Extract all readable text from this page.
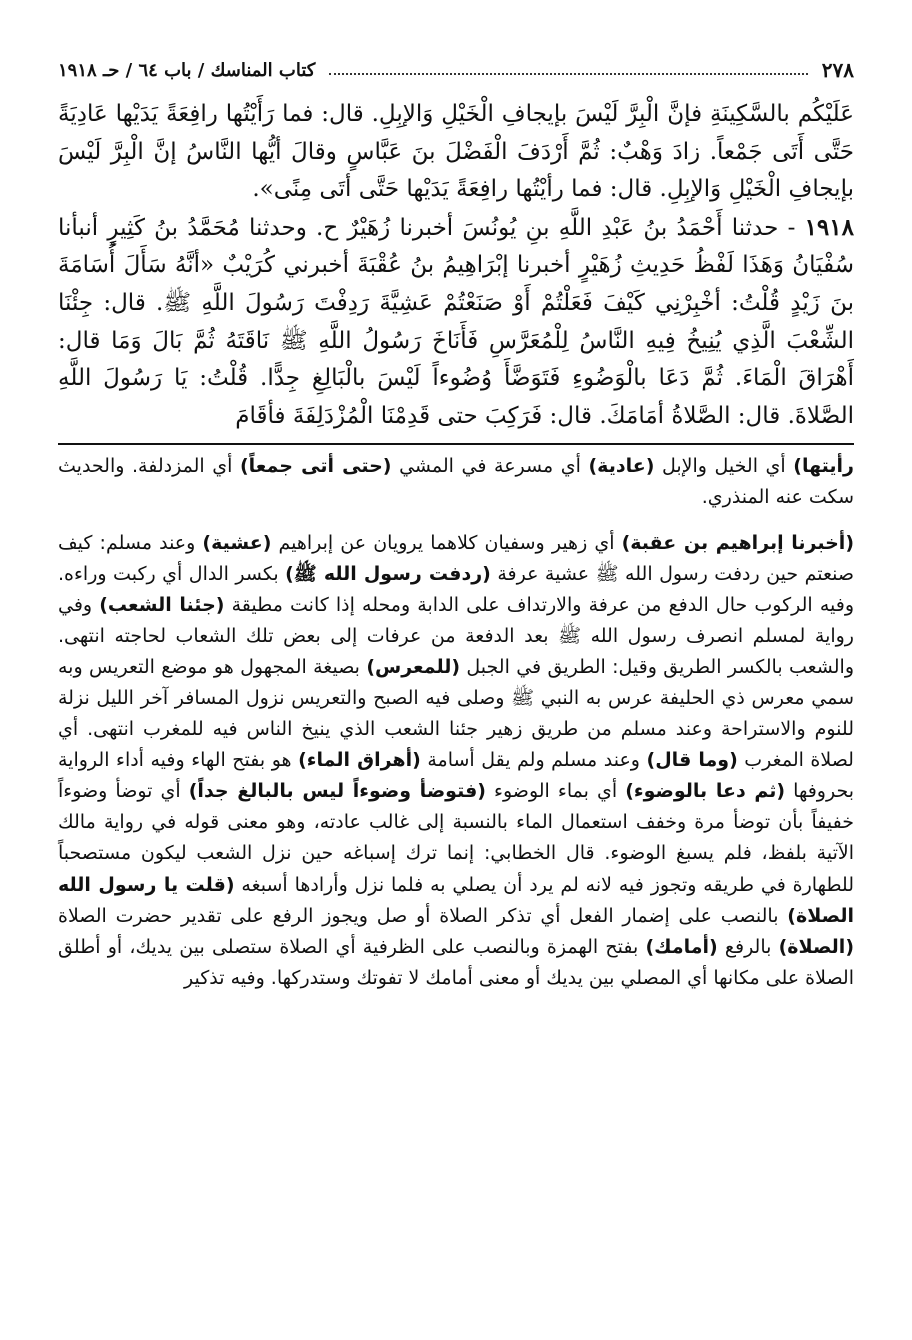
٢٧٨
كتاب المناسك / باب ٦٤ / حـ ١٩١٨

عَلَيْكُم بالسَّكِينَةِ فإنَّ الْبِرَّ لَيْسَ بإيجافِ الْخَيْلِ وَالإبِلِ. قال: فما رَأَيْتُها رافِعَةً يَدَيْها عَادِيَةً حَتَّى أَتَى جَمْعاً. زادَ وَهْبٌ: ثُمَّ أَرْدَفَ الْفَضْلَ بنَ عَبَّاسٍ وقالَ أيُّها النَّاسُ إنَّ الْبِرَّ لَيْسَ بإيجافِ الْخَيْلِ وَالإبِلِ. قال: فما رأيْتُها رافِعَةً يَدَيْها حَتَّى أتَى مِنًى».

١٩١٨ - حدثنا أَحْمَدُ بنُ عَبْدِ اللَّهِ بنِ يُونُسَ أخبرنا زُهَيْرٌ ح. وحدثنا مُحَمَّدُ بنُ كَثِيرٍ أنبأنا سُفْيَانُ وَهَذَا لَفْظُ حَدِيثِ زُهَيْرٍ أخبرنا إبْرَاهِيمُ بنُ عُقْبَةَ أخبرني كُرَيْبٌ «أنَّهُ سَأَلَ أُسَامَةَ بنَ زَيْدٍ قُلْتُ: أخْبِرْنِي كَيْفَ فَعَلْتُمْ أَوْ صَنَعْتُمْ عَشِيَّةَ رَدِفْتَ رَسُولَ اللَّهِ ﷺ. قال: جِئْنَا الشِّعْبَ الَّذِي يُنِيخُ فِيهِ النَّاسُ لِلْمُعَرَّسِ فَأَنَاخَ رَسُولُ اللَّهِ ﷺ نَاقَتَهُ ثُمَّ بَالَ وَمَا قال: أَهْرَاقَ الْمَاءَ. ثُمَّ دَعَا بالْوَضُوءِ فَتَوَضَّأَ وُضُوءاً لَيْسَ بالْبَالِغِ جِدًّا. قُلْتُ: يَا رَسُولَ اللَّهِ الصَّلاةَ. قال: الصَّلاةُ أمَامَكَ. قال: فَرَكِبَ حتى قَدِمْنَا الْمُزْدَلِفَةَ فأقَامَ

رأيتها) أي الخيل والإبل (عادية) أي مسرعة في المشي (حتى أتى جمعاً) أي المزدلفة. والحديث سكت عنه المنذري.

(أخبرنا إبراهيم بن عقبة) أي زهير وسفيان كلاهما يرويان عن إبراهيم (عشية) وعند مسلم: كيف صنعتم حين ردفت رسول الله ﷺ عشية عرفة (ردفت رسول الله ﷺ) بكسر الدال أي ركبت وراءه. وفيه الركوب حال الدفع من عرفة والارتداف على الدابة ومحله إذا كانت مطيقة (جئنا الشعب) وفي رواية لمسلم انصرف رسول الله ﷺ بعد الدفعة من عرفات إلى بعض تلك الشعاب لحاجته انتهى. والشعب بالكسر الطريق وقيل: الطريق في الجبل (للمعرس) بصيغة المجهول هو موضع التعريس وبه سمي معرس ذي الحليفة عرس به النبي ﷺ وصلى فيه الصبح والتعريس نزول المسافر آخر الليل نزلة للنوم والاستراحة وعند مسلم من طريق زهير جئنا الشعب الذي ينيخ الناس فيه للمغرب انتهى. أي لصلاة المغرب (وما قال) وعند مسلم ولم يقل أسامة (أهراق الماء) هو بفتح الهاء وفيه أداء الرواية بحروفها (ثم دعا بالوضوء) أي بماء الوضوء (فتوضأ وضوءاً ليس بالبالغ جداً) أي توضأ وضوءاً خفيفاً بأن توضأ مرة وخفف استعمال الماء بالنسبة إلى غالب عادته، وهو معنى قوله في رواية مالك الآتية بلفظ، فلم يسبغ الوضوء. قال الخطابي: إنما ترك إسباغه حين نزل الشعب ليكون مستصحباً للطهارة في طريقه وتجوز فيه لانه لم يرد أن يصلي به فلما نزل وأرادها أسبغه (قلت يا رسول الله الصلاة) بالنصب على إضمار الفعل أي تذكر الصلاة أو صل ويجوز الرفع على تقدير حضرت الصلاة (الصلاة) بالرفع (أمامك) بفتح الهمزة وبالنصب على الظرفية أي الصلاة ستصلى بين يديك، أو أطلق الصلاة على مكانها أي المصلي بين يديك أو معنى أمامك لا تفوتك وستدركها. وفيه تذكير
